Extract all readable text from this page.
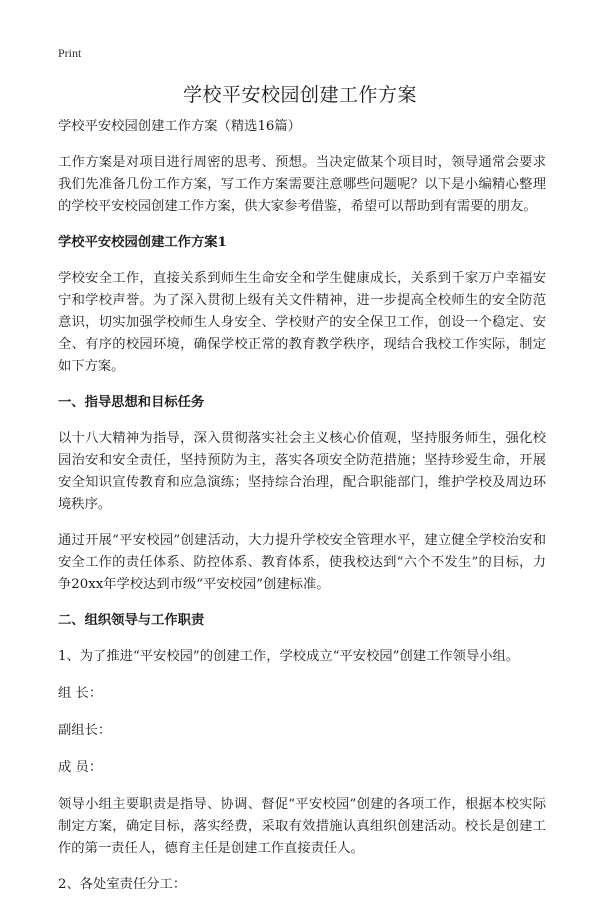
Print
学校平安校园创建工作方案

学校平安校园创建工作方案（精选16篇）

工作方案是对项目进行周密的思考、预想。当决定做某个项目时，领导通常会要求我们先准备几份工作方案，写工作方案需要注意哪些问题呢？以下是小编精心整理的学校平安校园创建工作方案，供大家参考借鉴，希望可以帮助到有需要的朋友。

学校平安校园创建工作方案1

学校安全工作，直接关系到师生生命安全和学生健康成长，关系到千家万户幸福安宁和学校声誉。为了深入贯彻上级有关文件精神，进一步提高全校师生的安全防范意识，切实加强学校师生人身安全、学校财产的安全保卫工作，创设一个稳定、安全、有序的校园环境，确保学校正常的教育教学秩序，现结合我校工作实际，制定如下方案。

一、指导思想和目标任务

以十八大精神为指导，深入贯彻落实社会主义核心价值观，坚持服务师生，强化校园治安和安全责任，坚持预防为主，落实各项安全防范措施；坚持珍爱生命，开展安全知识宣传教育和应急演练；坚持综合治理，配合职能部门，维护学校及周边环境秩序。

通过开展“平安校园”创建活动，大力提升学校安全管理水平，建立健全学校治安和安全工作的责任体系、防控体系、教育体系，使我校达到“六个不发生”的目标，力争20xx年学校达到市级“平安校园”创建标准。

二、组织领导与工作职责

1、为了推进“平安校园”的创建工作，学校成立“平安校园”创建工作领导小组。

组 长：

副组长：

成 员：

领导小组主要职责是指导、协调、督促“平安校园”创建的各项工作，根据本校实际制定方案，确定目标，落实经费，采取有效措施认真组织创建活动。校长是创建工作的第一责任人，德育主任是创建工作直接责任人。

2、各处室责任分工：
